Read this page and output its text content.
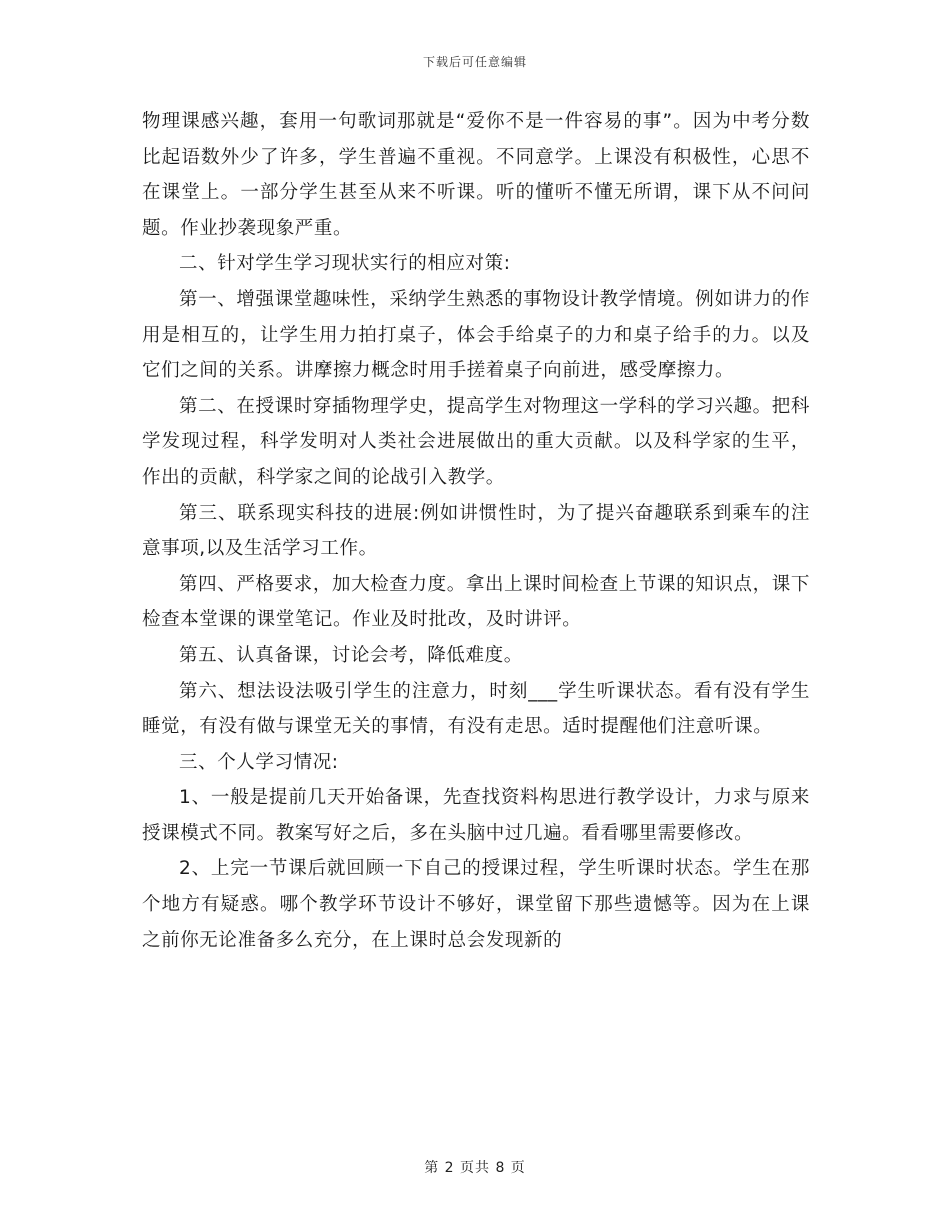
下载后可任意编辑

物理课感兴趣，套用一句歌词那就是“爱你不是一件容易的事”。因为中考分数比起语数外少了许多，学生普遍不重视。不同意学。上课没有积极性，心思不在课堂上。一部分学生甚至从来不听课。听的懂听不懂无所谓，课下从不问问题。作业抄袭现象严重。

二、针对学生学习现状实行的相应对策:

第一、增强课堂趣味性，采纳学生熟悉的事物设计教学情境。例如讲力的作用是相互的，让学生用力拍打桌子，体会手给桌子的力和桌子给手的力。以及它们之间的关系。讲摩擦力概念时用手搓着桌子向前进，感受摩擦力。

第二、在授课时穿插物理学史，提高学生对物理这一学科的学习兴趣。把科学发现过程，科学发明对人类社会进展做出的重大贡献。以及科学家的生平，作出的贡献，科学家之间的论战引入教学。

第三、联系现实科技的进展:例如讲惯性时，为了提兴奋趣联系到乘车的注意事项,以及生活学习工作。

第四、严格要求，加大检查力度。拿出上课时间检查上节课的知识点，课下检查本堂课的课堂笔记。作业及时批改，及时讲评。

第五、认真备课，讨论会考，降低难度。

第六、想法设法吸引学生的注意力，时刻___学生听课状态。看有没有学生睡觉，有没有做与课堂无关的事情，有没有走思。适时提醒他们注意听课。

三、个人学习情况:

1、一般是提前几天开始备课，先查找资料构思进行教学设计，力求与原来授课模式不同。教案写好之后，多在头脑中过几遍。看看哪里需要修改。

2、上完一节课后就回顾一下自己的授课过程，学生听课时状态。学生在那个地方有疑惑。哪个教学环节设计不够好，课堂留下那些遗憾等。因为在上课之前你无论准备多么充分，在上课时总会发现新的

第 2 页共 8 页
